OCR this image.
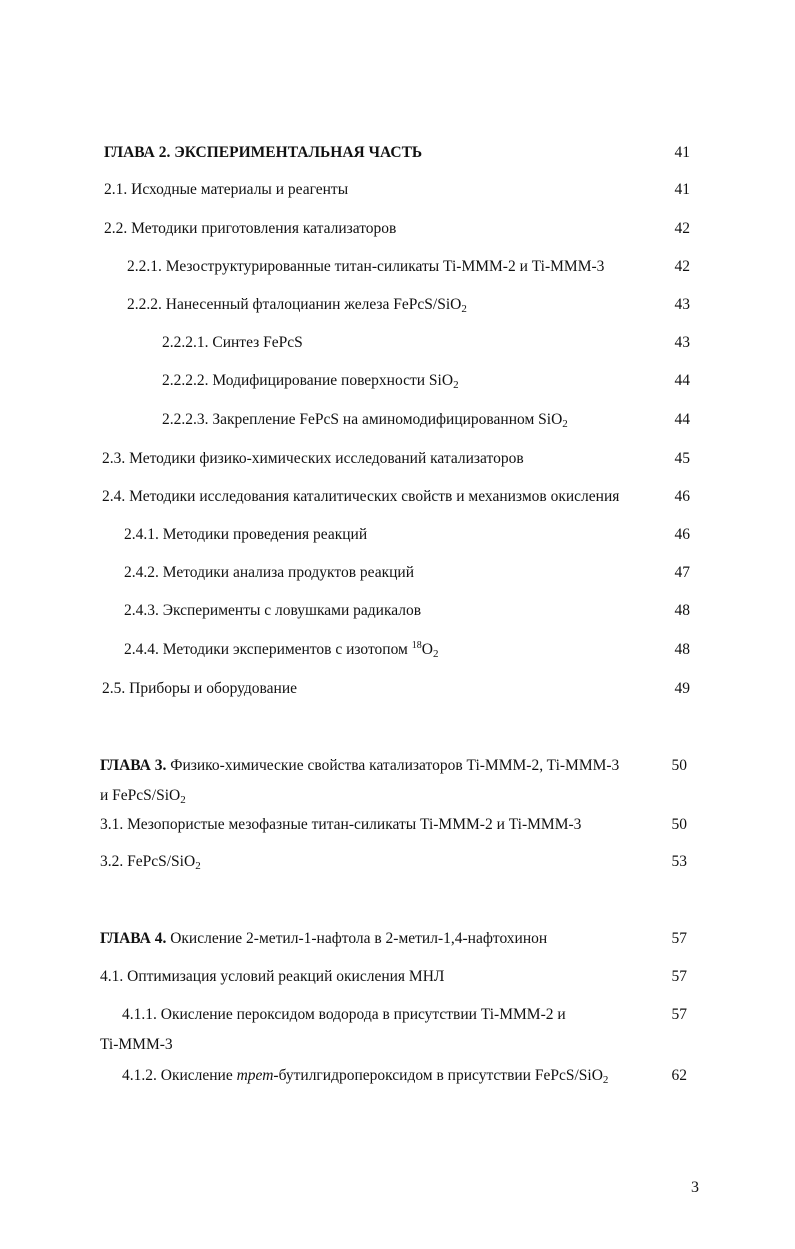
ГЛАВА 2. ЭКСПЕРИМЕНТАЛЬНАЯ ЧАСТЬ	41
2.1. Исходные материалы и реагенты	41
2.2. Методики приготовления катализаторов	42
2.2.1. Мезоструктурированные титан-силикаты Ti-MMM-2 и Ti-MMM-3	42
2.2.2. Нанесенный фталоцианин железа FePcS/SiO$_2$	43
2.2.2.1. Синтез FePcS	43
2.2.2.2. Модифицирование поверхности SiO$_2$	44
2.2.2.3. Закрепление FePcS на аминомодифицированном SiO$_2$	44
2.3. Методики физико-химических исследований катализаторов	45
2.4. Методики исследования каталитических свойств и механизмов окисления	46
2.4.1. Методики проведения реакций	46
2.4.2. Методики анализа продуктов реакций	47
2.4.3. Эксперименты с ловушками радикалов	48
2.4.4. Методики экспериментов с изотопом $^{18}O_2$	48
2.5. Приборы и оборудование	49
ГЛАВА 3. Физико-химические свойства катализаторов Ti-MMM-2, Ti-MMM-3	50
и FePcS/SiO$_2$
3.1. Мезопористые мезофазные титан-силикаты Ti-MMM-2 и Ti-MMM-3	50
3.2. FePcS/SiO$_2$	53
ГЛАВА 4. Окисление 2-метил-1-нафтола в 2-метил-1,4-нафтохинон	57
4.1. Оптимизация условий реакций окисления МНЛ	57
4.1.1. Окисление пероксидом водорода в присутствии Ti-MMM-2 и	57
Ti-MMM-3
4.1.2. Окисление трет-бутилгидропероксидом в присутствии FePcS/SiO$_2$	62
3
